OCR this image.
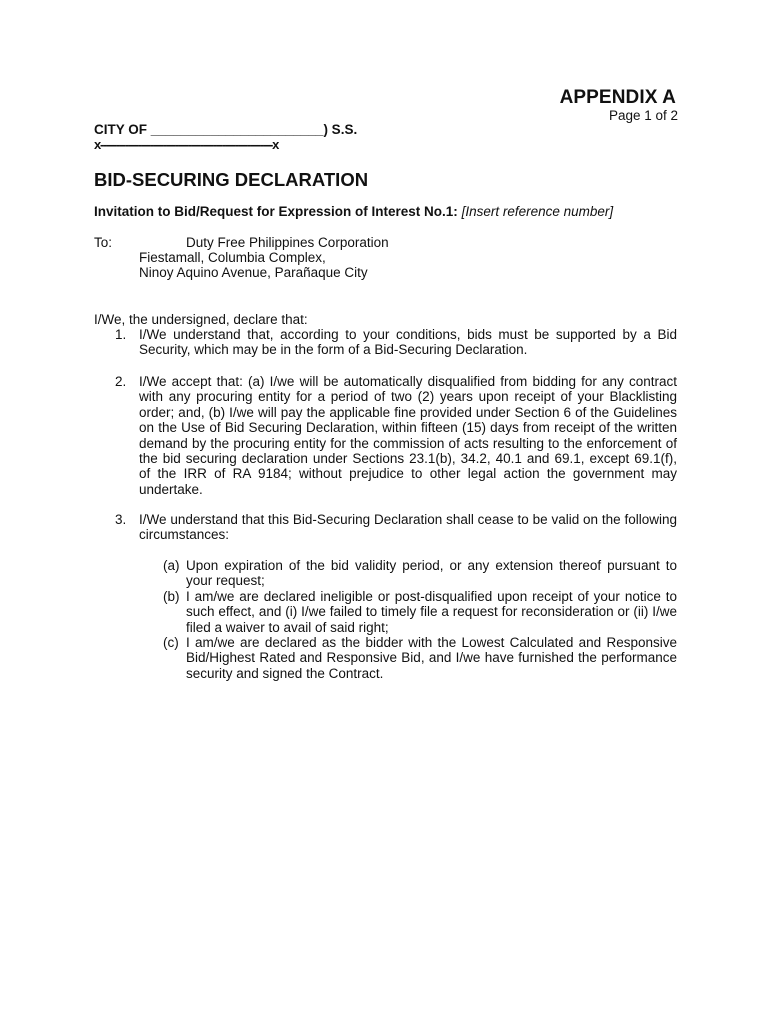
APPENDIX A
Page 1 of 2
CITY OF _______________________) S.S.
x-------------------------------------------------------x
BID-SECURING DECLARATION
Invitation to Bid/Request for Expression of Interest No.1: [Insert reference number]
To:	Duty Free Philippines Corporation
Fiestamall, Columbia Complex,
Ninoy Aquino Avenue, Parañaque City
I/We, the undersigned, declare that:
1. I/We understand that, according to your conditions, bids must be supported by a Bid Security, which may be in the form of a Bid-Securing Declaration.
2. I/We accept that: (a) I/we will be automatically disqualified from bidding for any contract with any procuring entity for a period of two (2) years upon receipt of your Blacklisting order; and, (b) I/we will pay the applicable fine provided under Section 6 of the Guidelines on the Use of Bid Securing Declaration, within fifteen (15) days from receipt of the written demand by the procuring entity for the commission of acts resulting to the enforcement of the bid securing declaration under Sections 23.1(b), 34.2, 40.1 and 69.1, except 69.1(f), of the IRR of RA 9184; without prejudice to other legal action the government may undertake.
3. I/We understand that this Bid-Securing Declaration shall cease to be valid on the following circumstances:
(a) Upon expiration of the bid validity period, or any extension thereof pursuant to your request;
(b) I am/we are declared ineligible or post-disqualified upon receipt of your notice to such effect, and (i) I/we failed to timely file a request for reconsideration or (ii) I/we filed a waiver to avail of said right;
(c) I am/we are declared as the bidder with the Lowest Calculated and Responsive Bid/Highest Rated and Responsive Bid, and I/we have furnished the performance security and signed the Contract.
